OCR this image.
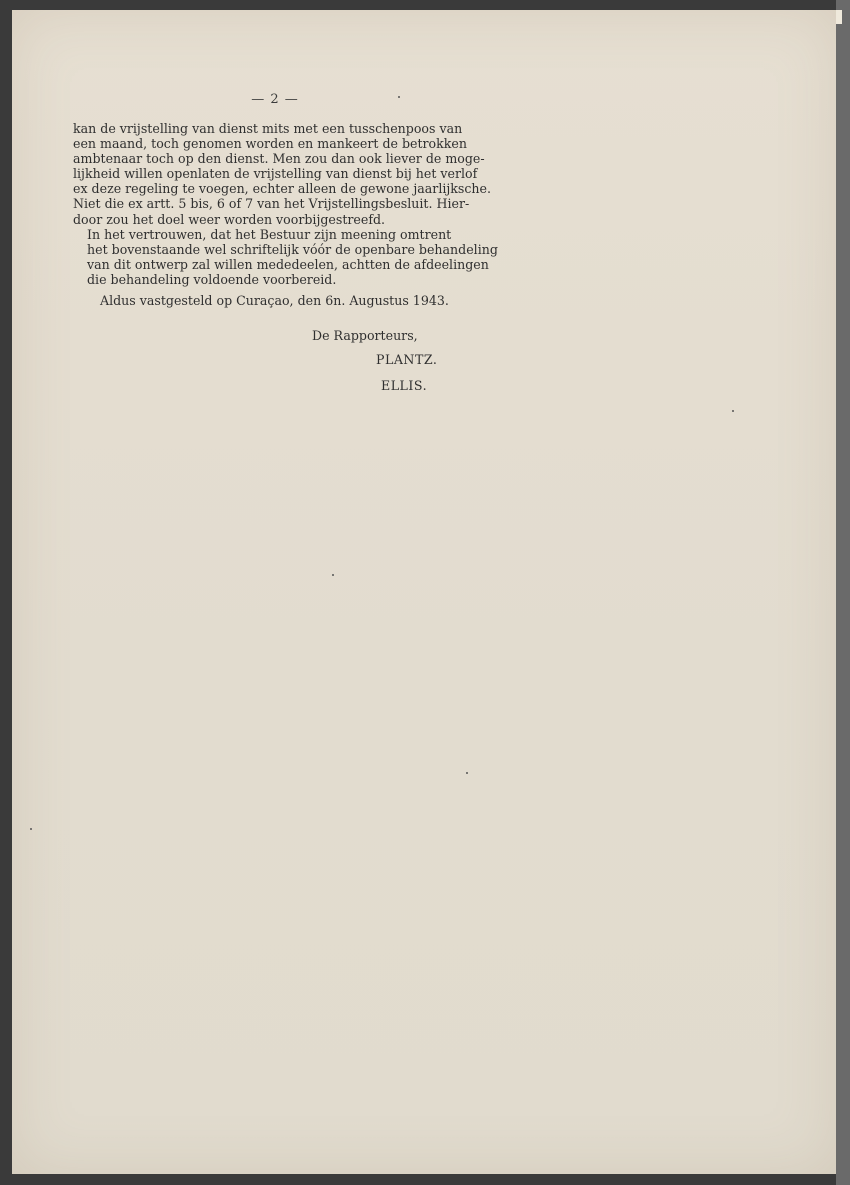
— 2 —

kan de vrijstelling van dienst mits met een tusschenpoos van
een maand, toch genomen worden en mankeert de betrokken
ambtenaar toch op den dienst. Men zou dan ook liever de moge-
lijkheid willen openlaten de vrijstelling van dienst bij het verlof
ex deze regeling te voegen, echter alleen de gewone jaarlijksche.
Niet die ex artt. 5 bis, 6 of 7 van het Vrijstellingsbesluit. Hier-
door zou het doel weer worden voorbijgestreefd.

In het vertrouwen, dat het Bestuur zijn meening omtrent
het bovenstaande wel schriftelijk vóór de openbare behandeling
van dit ontwerp zal willen mededeelen, achtten de afdeelingen
die behandeling voldoende voorbereid.

Aldus vastgesteld op Curaçao, den 6n. Augustus 1943.
De Rapporteurs,
PLANTZ.
ELLIS.
